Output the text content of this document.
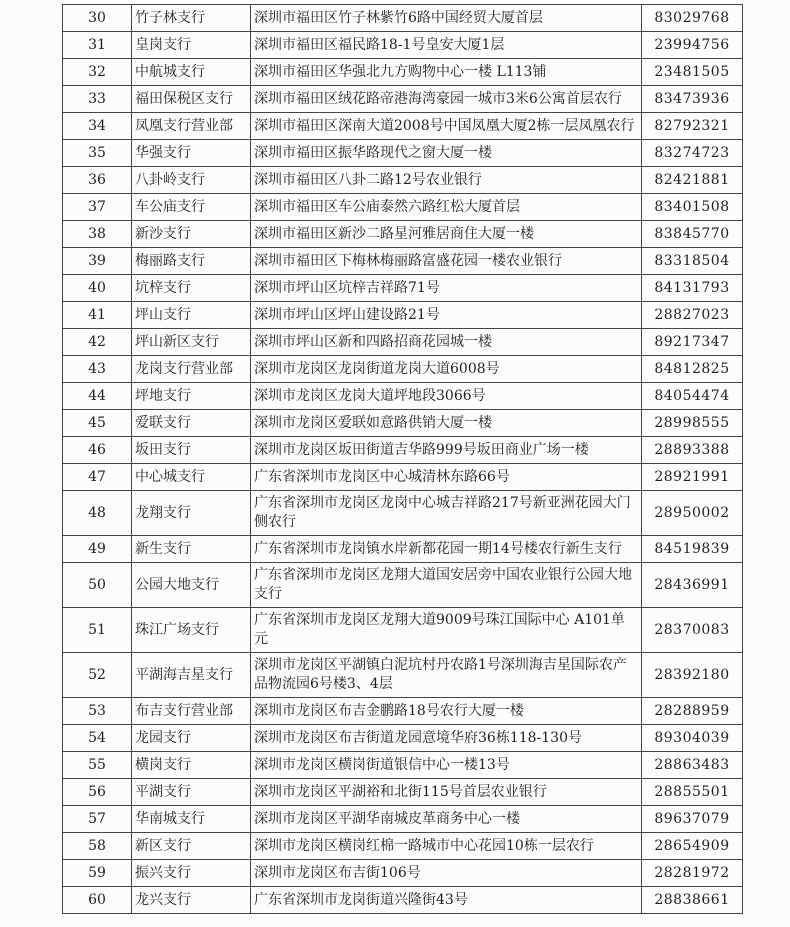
30	竹子林支行	深圳市福田区竹子林紫竹6路中国经贸大厦首层	83029768
31	皇岗支行	深圳市福田区福民路18-1号皇安大厦1层	23994756
32	中航城支行	深圳市福田区华强北九方购物中心一楼 L113铺	23481505
33	福田保税区支行	深圳市福田区绒花路帝港海湾豪园一城市3米6公寓首层农行	83473936
34	凤凰支行营业部	深圳市福田区深南大道2008号中国凤凰大厦2栋一层凤凰农行	82792321
35	华强支行	深圳市福田区振华路现代之窗大厦一楼	83274723
36	八卦岭支行	深圳市福田区八卦二路12号农业银行	82421881
37	车公庙支行	深圳市福田区车公庙泰然六路红松大厦首层	83401508
38	新沙支行	深圳市福田区新沙二路星河雅居商住大厦一楼	83845770
39	梅丽路支行	深圳市福田区下梅林梅丽路富盛花园一楼农业银行	83318504
40	坑梓支行	深圳市坪山区坑梓吉祥路71号	84131793
41	坪山支行	深圳市坪山区坪山建设路21号	28827023
42	坪山新区支行	深圳市坪山区新和四路招商花园城一楼	89217347
43	龙岗支行营业部	深圳市龙岗区龙岗街道龙岗大道6008号	84812825
44	坪地支行	深圳市龙岗区龙岗大道坪地段3066号	84054474
45	爱联支行	深圳市龙岗区爱联如意路供销大厦一楼	28998555
46	坂田支行	深圳市龙岗区坂田街道吉华路999号坂田商业广场一楼	28893388
47	中心城支行	广东省深圳市龙岗区中心城清林东路66号	28921991
48	龙翔支行	广东省深圳市龙岗区龙岗中心城吉祥路217号新亚洲花园大门侧农行	28950002
49	新生支行	广东省深圳市龙岗镇水岸新都花园一期14号楼农行新生支行	84519839
50	公园大地支行	广东省深圳市龙岗区龙翔大道国安居旁中国农业银行公园大地支行	28436991
51	珠江广场支行	广东省深圳市龙岗区龙翔大道9009号珠江国际中心 A101单元	28370083
52	平湖海吉星支行	深圳市龙岗区平湖镇白泥坑村丹农路1号深圳海吉星国际农产品物流园6号楼3、4层	28392180
53	布吉支行营业部	深圳市龙岗区布吉金鹏路18号农行大厦一楼	28288959
54	龙园支行	深圳市龙岗区布吉街道龙园意境华府36栋118-130号	89304039
55	横岗支行	深圳市龙岗区横岗街道银信中心一楼13号	28863483
56	平湖支行	深圳市龙岗区平湖裕和北街115号首层农业银行	28855501
57	华南城支行	深圳市龙岗区平湖华南城皮革商务中心一楼	89637079
58	新区支行	深圳市龙岗区横岗红棉一路城市中心花园10栋一层农行	28654909
59	振兴支行	深圳市龙岗区布吉街106号	28281972
60	龙兴支行	广东省深圳市龙岗街道兴隆街43号	28838661
